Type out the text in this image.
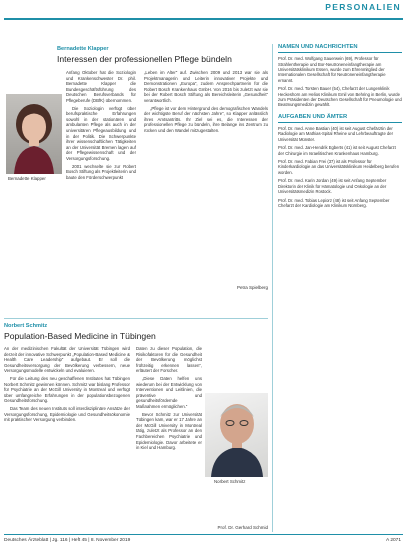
PERSONALIEN
Bernadette Klapper
Interessen der professionellen Pflege bündeln
Bernadette Klapper

Anfang Oktober hat die Soziologin und Krankenschwester Dr. phil. Bernadette Klapper die Bundesgeschäftsführung des Deutschen Berufsverbands für Pflegeberufe (DBfK) übernommen.

Die Soziologin verfügt über berufspraktische Erfahrungen sowohl in der stationären und ambulanten Pflege als auch in der universitären Pflegeausbildung und in der Politik. Die Schwerpunkte ihrer wissenschaftlichen Tätigkeiten an der Universität Bremen lagen auf der Pflegewissenschaft und der Versorgungsforschung.

2001 wechselte sie zur Robert Bosch Stiftung als Projektleiterin und baute den Förderschwerpunkt

„Leben im Alter“ auf. Zwischen 2009 und 2013 war sie als Projektmanagerin und Leiterin innovativer Projekte und Demonstrationen „Europa“, zudem Ansprechpartnerin für die Robert Bosch Krankenhaus GmbH. Von 2016 bis zuletzt war sie bei der Robert Bosch Stiftung als Bereichsleiterin „Gesundheit“ verantwortlich.

„Pflege ist vor dem Hintergrund des demografischen Wandels der wichtigste Beruf der nächsten Jahre“, so Klapper anlässlich ihres Amtsantritts. Ihr Ziel sei es, die Interessen der professionellen Pflege zu bündeln, ihre Belange ins Zentrum zu rücken und den Wandel mitzugestalten.

Petra Spielberg
Norbert Schmitz
Population-Based Medicine in Tübingen

An der medizinischen Fakultät der Universität Tübingen wird derzeit der innovative Schwerpunkt „Population-Based Medicine & Health Care Leadership“ aufgebaut. Er soll die Gesundheitsversorgung der Bevölkerung verbessern, neue Versorgungsmodelle entwickeln und evaluieren.

Für die Leitung des neu geschaffenen Institutes hat Tübingen Norbert Schmitz gewinnen können. Schmitz war bislang Professor für Psychiatrie an der McGill University in Montreal und verfügt über umfangreiche Erfahrungen in der populationsbezogenen Gesundheitsforschung.

Das Team des neuen Instituts soll interdisziplinäre Ansätze der Versorgungsforschung, Epidemiologie und Gesundheitsökonomie mit praktischer Versorgung verbinden.

Daten zu dieser Population, die Risikofaktoren für die Gesundheit der Bevölkerung möglichst frühzeitig erkennen lassen“, erläutert der Forscher.

„Diese Daten helfen uns wiederum bei der Entwicklung von Interventionen und Leitlinien, die präventive und gesundheitsfördernde Maßnahmen ermöglichen.“

Bevor Schmitz zur Universität Tübingen kam, war er 17 Jahre an der McGill University in Montreal tätig, zuletzt als Professor an den Fachbereichen Psychiatrie und Epidemiologie. Davor arbeitete er in Kiel und Hamburg.

Prof. Dr. Gerhard Schmid
Norbert Schmitz
NAMEN UND NACHRICHTEN

Prof. Dr. med. Wolfgang Sauerwein (69), Professor für Strahlentherapie und Bor-Neutroneneinfangtherapie am Universitätsklinikum Essen, wurde zum Ehrenmitglied der Internationalen Gesellschaft für Neutroneneinfangtherapie ernannt.

Prof. Dr. med. Torsten Bauer (54), Chefarzt der Lungenklinik Heckeshorn am Helios Klinikum Emil von Behring in Berlin, wurde zum Präsidenten der Deutschen Gesellschaft für Pneumologie und Beatmungsmedizin gewählt.

AUFGABEN UND ÄMTER

Prof. Dr. med. Anne Bastian (40) ist seit August Chefärztin der Radiologie am Mathias-Spital Rheine und Lehrbeauftragte der Universität Münster.

Prof. Dr. med. Jan-Hendrik Egberts (41) ist seit August Chefarzt der Chirurgie im Israelitischen Krankenhaus Hamburg.

Prof. Dr. med. Fabian Frei (37) ist als Professor für Kinderkardiologie an das Universitätsklinikum Heidelberg berufen worden.

Prof. Dr. med. Karin Jordan (49) ist seit Anfang September Direktorin der Klinik für Hämatologie und Onkologie an der Universitätsmedizin Rostock.

Prof. Dr. med. Tobias Lepiorz (48) ist seit Anfang September Chefarzt der Kardiologie am Klinikum Nürnberg.

Deutsches Ärzteblatt | Jg. 116 | Heft 45 | 8. November 2019	A 2071
